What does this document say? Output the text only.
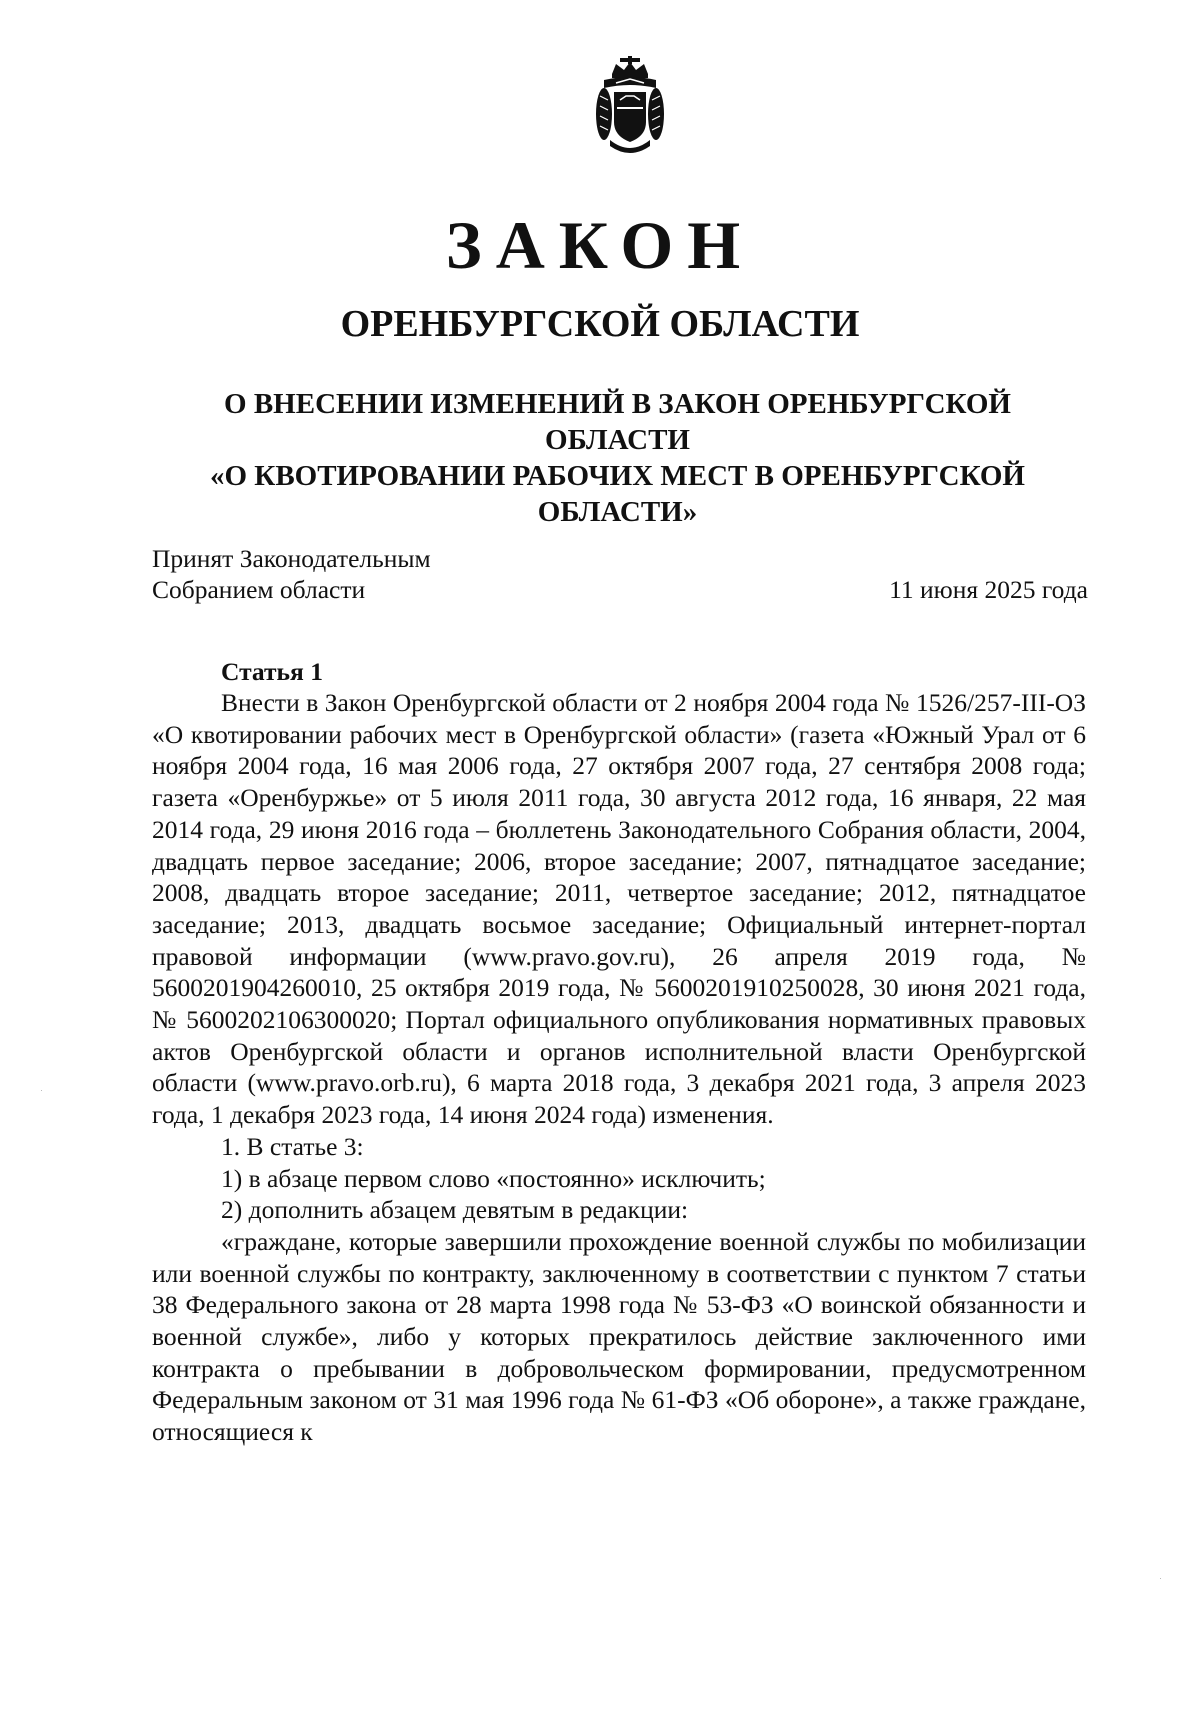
ЗАКОН
ОРЕНБУРГСКОЙ ОБЛАСТИ
О ВНЕСЕНИИ ИЗМЕНЕНИЙ В ЗАКОН ОРЕНБУРГСКОЙ ОБЛАСТИ
«О КВОТИРОВАНИИ РАБОЧИХ МЕСТ В ОРЕНБУРГСКОЙ
ОБЛАСТИ»
Принят Законодательным
Собранием области	11 июня 2025 года
Статья 1

Внести в Закон Оренбургской области от 2 ноября 2004 года № 1526/257-III-ОЗ «О квотировании рабочих мест в Оренбургской области» (газета «Южный Урал от 6 ноября 2004 года, 16 мая 2006 года, 27 октября 2007 года, 27 сентября 2008 года; газета «Оренбуржье» от 5 июля 2011 года, 30 августа 2012 года, 16 января, 22 мая 2014 года, 29 июня 2016 года – бюллетень Законодательного Собрания области, 2004, двадцать первое заседание; 2006, второе заседание; 2007, пятнадцатое заседание; 2008, двадцать второе заседание; 2011, четвертое заседание; 2012, пятнадцатое заседание; 2013, двадцать восьмое заседание; Официальный интернет-портал правовой информации (www.pravo.gov.ru), 26 апреля 2019 года, № 5600201904260010, 25 октября 2019 года, № 5600201910250028, 30 июня 2021 года, № 5600202106300020; Портал официального опубликования нормативных правовых актов Оренбургской области и органов исполнительной власти Оренбургской области (www.pravo.orb.ru), 6 марта 2018 года, 3 декабря 2021 года, 3 апреля 2023 года, 1 декабря 2023 года, 14 июня 2024 года) изменения.

1. В статье 3:

1) в абзаце первом слово «постоянно» исключить;

2) дополнить абзацем девятым в редакции:

«граждане, которые завершили прохождение военной службы по мобилизации или военной службы по контракту, заключенному в соответствии с пунктом 7 статьи 38 Федерального закона от 28 марта 1998 года № 53-ФЗ «О воинской обязанности и военной службе», либо у которых прекратилось действие заключенного ими контракта о пребывании в добровольческом формировании, предусмотренном Федеральным законом от 31 мая 1996 года № 61-ФЗ «Об обороне», а также граждане, относящиеся к
